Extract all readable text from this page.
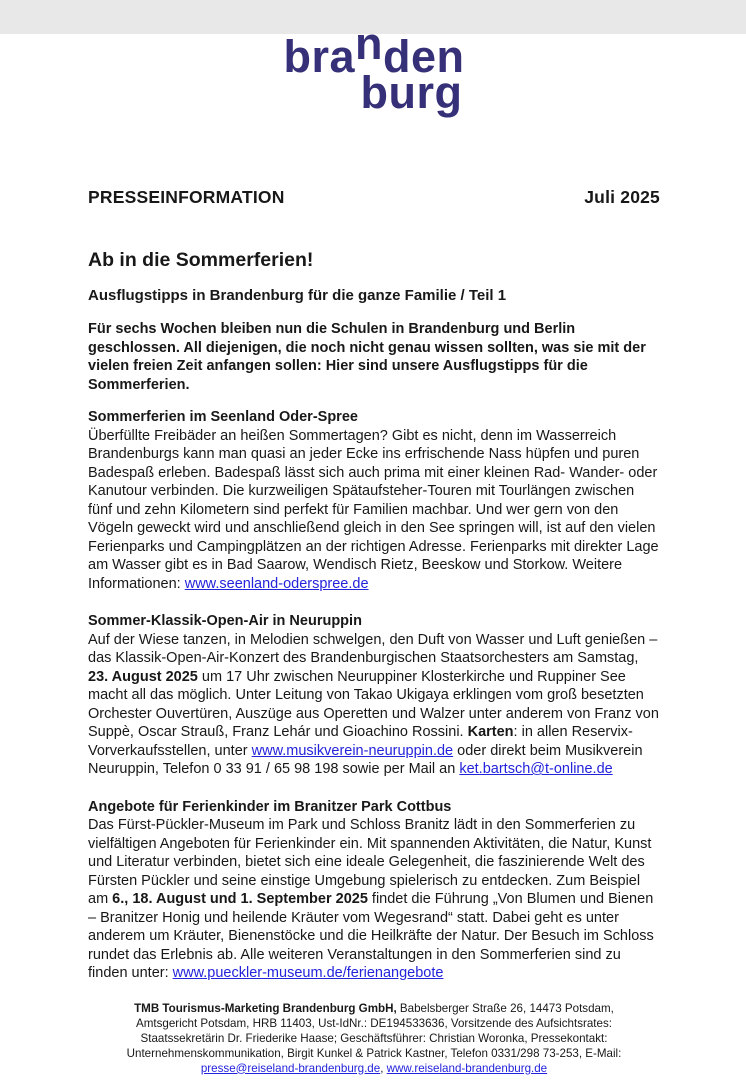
bra n den
burg
PRESSEINFORMATION	Juli 2025
Ab in die Sommerferien!
Ausflugstipps in Brandenburg für die ganze Familie / Teil 1

Für sechs Wochen bleiben nun die Schulen in Brandenburg und Berlin geschlossen. All diejenigen, die noch nicht genau wissen sollten, was sie mit der vielen freien Zeit anfangen sollen: Hier sind unsere Ausflugstipps für die Sommerferien.

Sommerferien im Seenland Oder-Spree

Überfüllte Freibäder an heißen Sommertagen? Gibt es nicht, denn im Wasserreich Brandenburgs kann man quasi an jeder Ecke ins erfrischende Nass hüpfen und puren Badespaß erleben. Badespaß lässt sich auch prima mit einer kleinen Rad- Wander- oder Kanutour verbinden. Die kurzweiligen Spätaufsteher-Touren mit Tourlängen zwischen fünf und zehn Kilometern sind perfekt für Familien machbar. Und wer gern von den Vögeln geweckt wird und anschließend gleich in den See springen will, ist auf den vielen Ferienparks und Campingplätzen an der richtigen Adresse. Ferienparks mit direkter Lage am Wasser gibt es in Bad Saarow, Wendisch Rietz, Beeskow und Storkow. Weitere Informationen: www.seenland-oderspree.de

Sommer-Klassik-Open-Air in Neuruppin

Auf der Wiese tanzen, in Melodien schwelgen, den Duft von Wasser und Luft genießen – das Klassik-Open-Air-Konzert des Brandenburgischen Staatsorchesters am Samstag, 23. August 2025 um 17 Uhr zwischen Neuruppiner Klosterkirche und Ruppiner See macht all das möglich. Unter Leitung von Takao Ukigaya erklingen vom groß besetzten Orchester Ouvertüren, Auszüge aus Operetten und Walzer unter anderem von Franz von Suppè, Oscar Strauß, Franz Lehár und Gioachino Rossini. Karten: in allen Reservix-Vorverkaufsstellen, unter www.musikverein-neuruppin.de oder direkt beim Musikverein Neuruppin, Telefon 0 33 91 / 65 98 198 sowie per Mail an ket.bartsch@t-online.de

Angebote für Ferienkinder im Branitzer Park Cottbus

Das Fürst-Pückler-Museum im Park und Schloss Branitz lädt in den Sommerferien zu vielfältigen Angeboten für Ferienkinder ein. Mit spannenden Aktivitäten, die Natur, Kunst und Literatur verbinden, bietet sich eine ideale Gelegenheit, die faszinierende Welt des Fürsten Pückler und seine einstige Umgebung spielerisch zu entdecken. Zum Beispiel am 6., 18. August und 1. September 2025 findet die Führung „Von Blumen und Bienen – Branitzer Honig und heilende Kräuter vom Wegesrand“ statt. Dabei geht es unter anderem um Kräuter, Bienenstöcke und die Heilkräfte der Natur. Der Besuch im Schloss rundet das Erlebnis ab. Alle weiteren Veranstaltungen in den Sommerferien sind zu finden unter: www.pueckler-museum.de/ferienangebote

TMB Tourismus-Marketing Brandenburg GmbH, Babelsberger Straße 26, 14473 Potsdam, Amtsgericht Potsdam, HRB 11403, Ust-IdNr.: DE194533636, Vorsitzende des Aufsichtsrates: Staatssekretärin Dr. Friederike Haase; Geschäftsführer: Christian Woronka, Pressekontakt: Unternehmenskommunikation, Birgit Kunkel & Patrick Kastner, Telefon 0331/298 73-253, E-Mail: presse@reiseland-brandenburg.de, www.reiseland-brandenburg.de
